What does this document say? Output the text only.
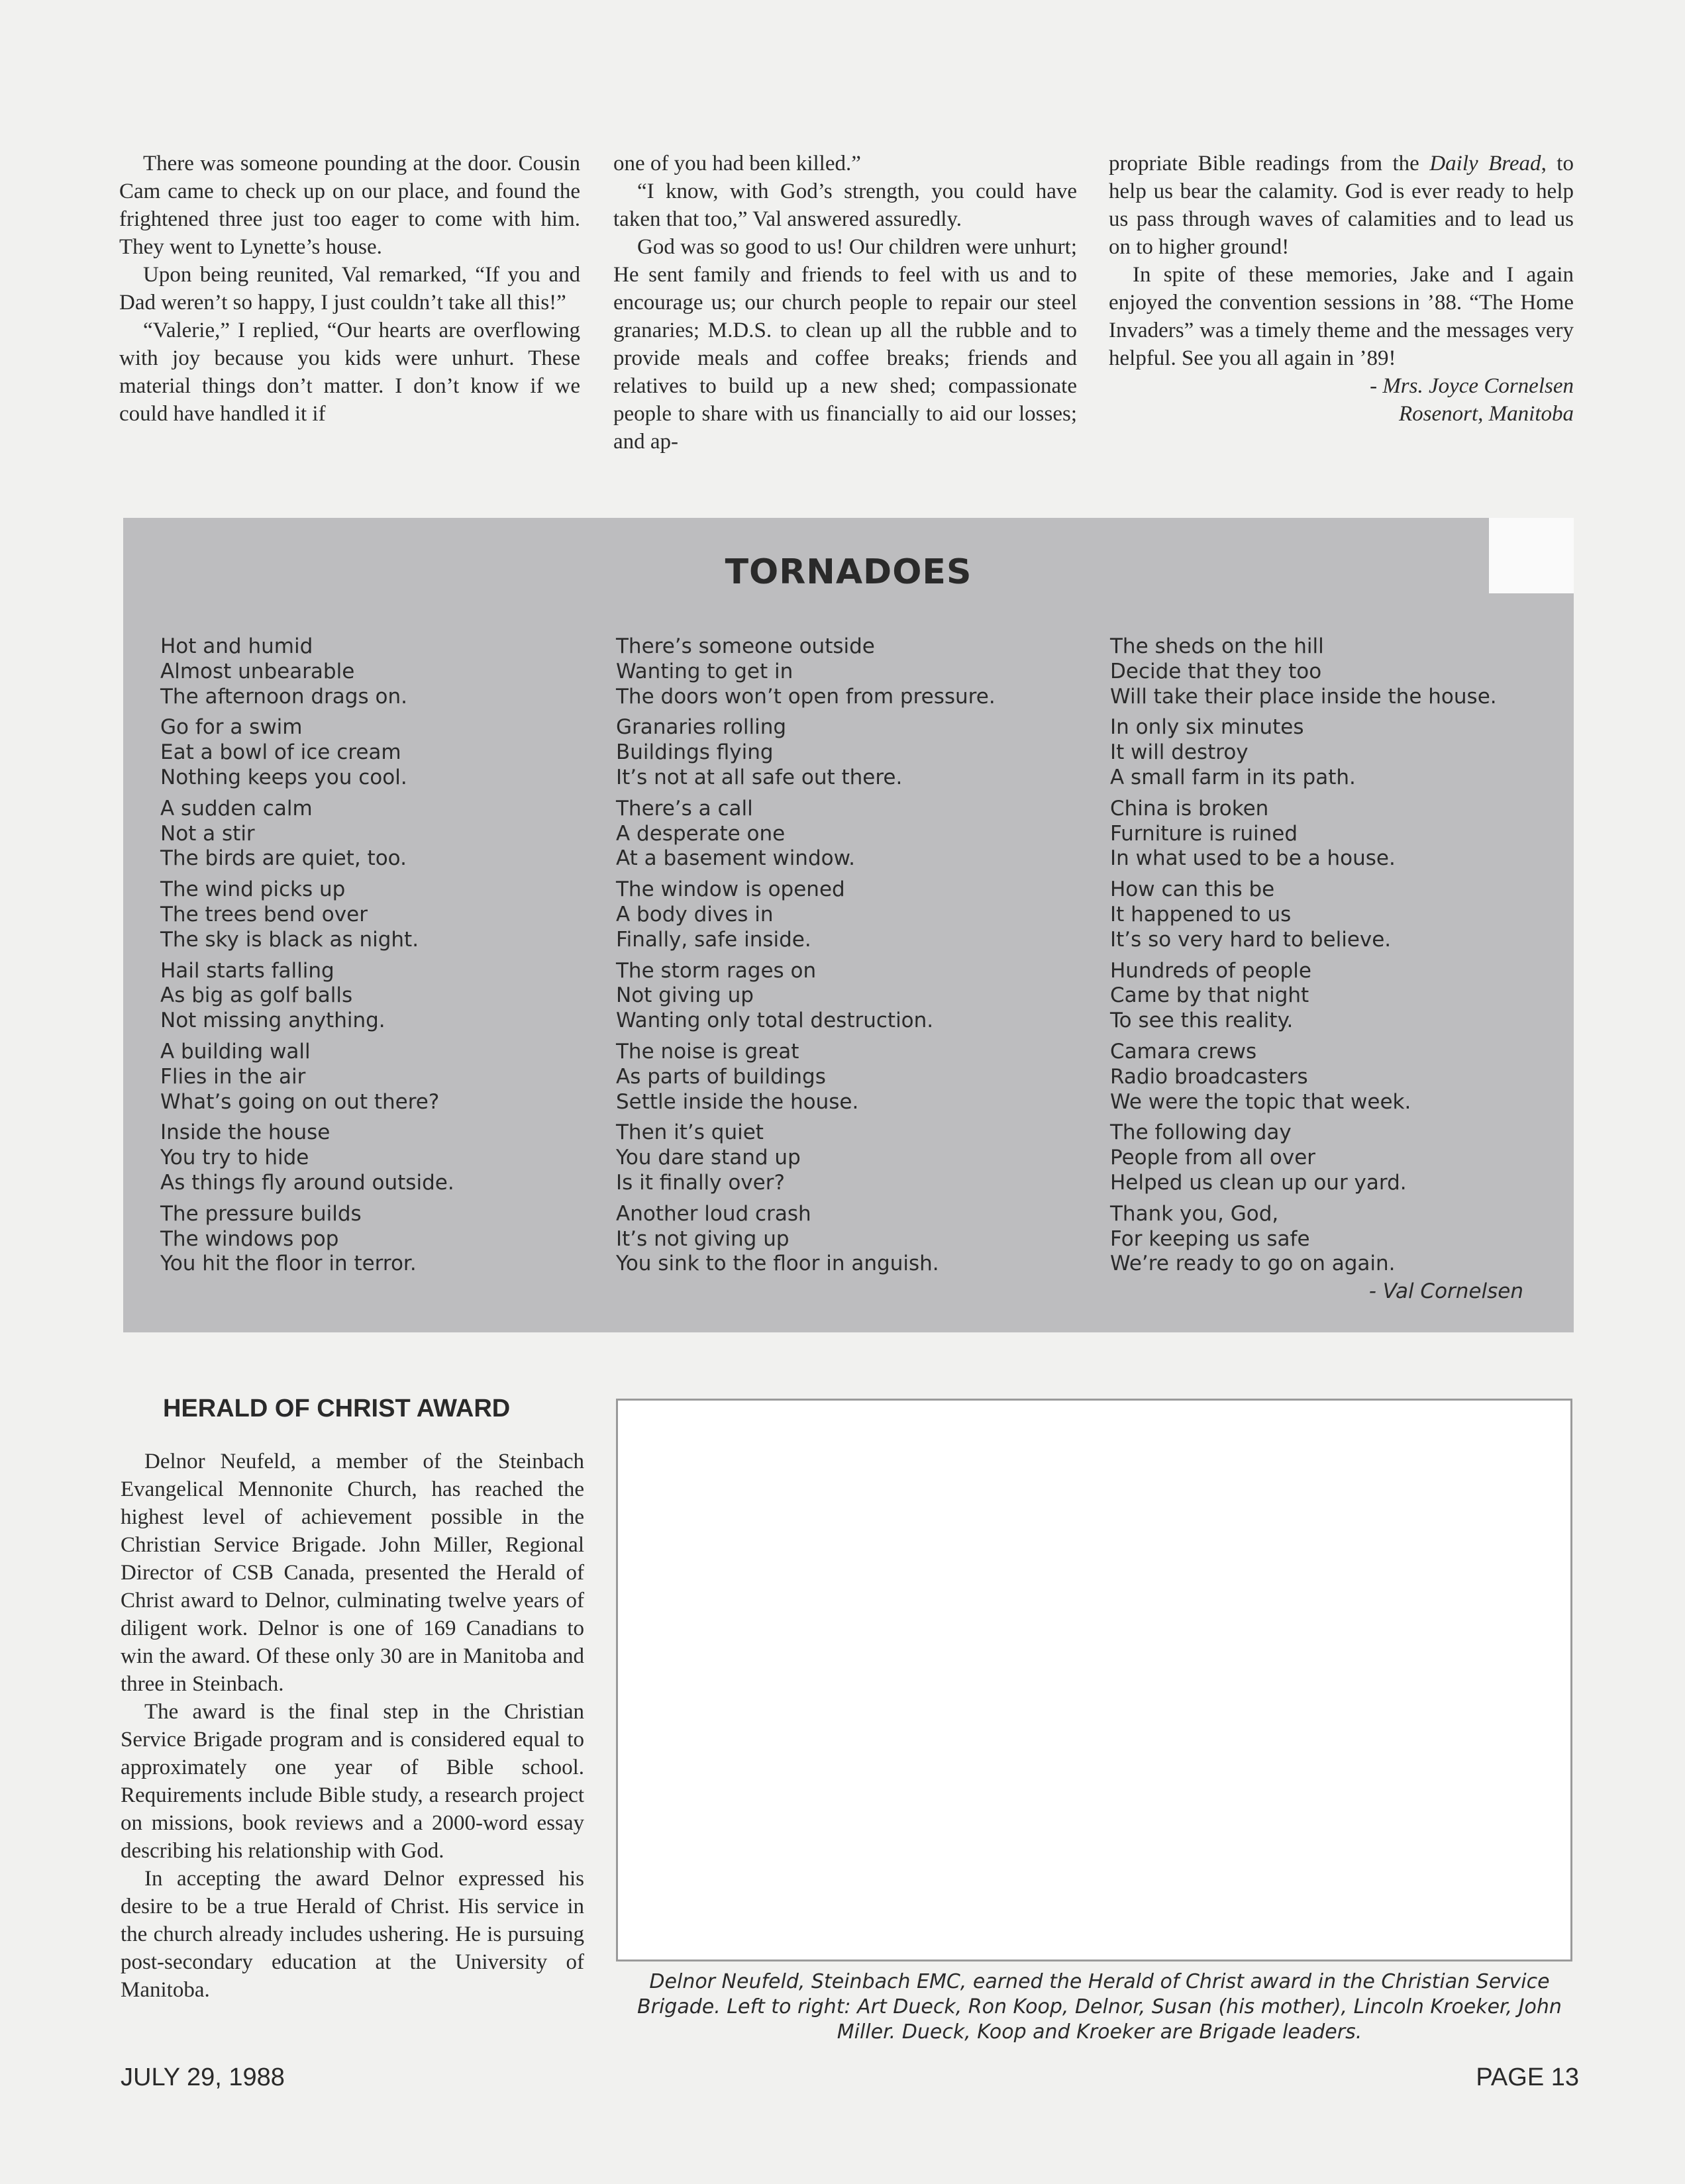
There was someone pounding at the door. Cousin Cam came to check up on our place, and found the frightened three just too eager to come with him. They went to Lynette’s house.

Upon being reunited, Val remarked, “If you and Dad weren’t so happy, I just couldn’t take all this!”

“Valerie,” I replied, “Our hearts are overflowing with joy because you kids were unhurt. These material things don’t matter. I don’t know if we could have handled it if

one of you had been killed.”

“I know, with God’s strength, you could have taken that too,” Val answered assuredly.

God was so good to us! Our children were unhurt; He sent family and friends to feel with us and to encourage us; our church people to repair our steel granaries; M.D.S. to clean up all the rubble and to provide meals and coffee breaks; friends and relatives to build up a new shed; compassionate people to share with us financially to aid our losses; and ap-

propriate Bible readings from the Daily Bread, to help us bear the calamity. God is ever ready to help us pass through waves of calamities and to lead us on to higher ground!

In spite of these memories, Jake and I again enjoyed the convention sessions in ’88. “The Home Invaders” was a timely theme and the messages very helpful. See you all again in ’89!

- Mrs. Joyce Cornelsen

Rosenort, Manitoba

TORNADOES
Hot and humid
Almost unbearable
The afternoon drags on.
Go for a swim
Eat a bowl of ice cream
Nothing keeps you cool.
A sudden calm
Not a stir
The birds are quiet, too.
The wind picks up
The trees bend over
The sky is black as night.
Hail starts falling
As big as golf balls
Not missing anything.
A building wall
Flies in the air
What’s going on out there?
Inside the house
You try to hide
As things fly around outside.
The pressure builds
The windows pop
You hit the floor in terror.
There’s someone outside
Wanting to get in
The doors won’t open from pressure.
Granaries rolling
Buildings flying
It’s not at all safe out there.
There’s a call
A desperate one
At a basement window.
The window is opened
A body dives in
Finally, safe inside.
The storm rages on
Not giving up
Wanting only total destruction.
The noise is great
As parts of buildings
Settle inside the house.
Then it’s quiet
You dare stand up
Is it finally over?
Another loud crash
It’s not giving up
You sink to the floor in anguish.
The sheds on the hill
Decide that they too
Will take their place inside the house.
In only six minutes
It will destroy
A small farm in its path.
China is broken
Furniture is ruined
In what used to be a house.
How can this be
It happened to us
It’s so very hard to believe.
Hundreds of people
Came by that night
To see this reality.
Camara crews
Radio broadcasters
We were the topic that week.
The following day
People from all over
Helped us clean up our yard.
Thank you, God,
For keeping us safe
We’re ready to go on again.
- Val Cornelsen
HERALD OF CHRIST AWARD

Delnor Neufeld, a member of the Steinbach Evangelical Mennonite Church, has reached the highest level of achievement possible in the Christian Service Brigade. John Miller, Regional Director of CSB Canada, presented the Herald of Christ award to Delnor, culminating twelve years of diligent work. Delnor is one of 169 Canadians to win the award. Of these only 30 are in Manitoba and three in Steinbach.

The award is the final step in the Christian Service Brigade program and is considered equal to approximately one year of Bible school. Requirements include Bible study, a research project on missions, book reviews and a 2000-word essay describing his relationship with God.

In accepting the award Delnor expressed his desire to be a true Herald of Christ. His service in the church already includes ushering. He is pursuing post-secondary education at the University of Manitoba.	Delnor Neufeld, Steinbach EMC, earned the Herald of Christ award in the Christian Service Brigade. Left to right: Art Dueck, Ron Koop, Delnor, Susan (his mother), Lincoln Kroeker, John Miller. Dueck, Koop and Kroeker are Brigade leaders.
JULY 29, 1988	PAGE 13
